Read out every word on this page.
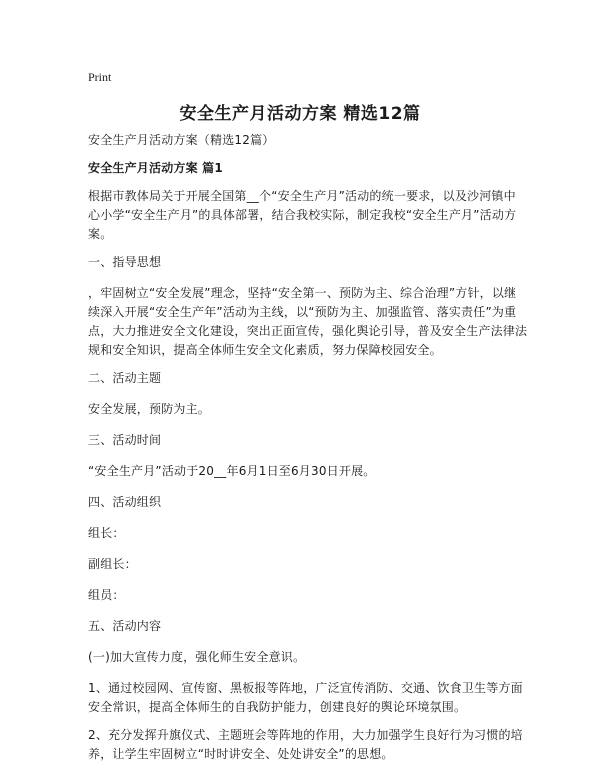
Print
安全生产月活动方案 精选12篇

安全生产月活动方案（精选12篇）

安全生产月活动方案 篇1

根据市教体局关于开展全国第__个“安全生产月”活动的统一要求，以及沙河镇中心小学“安全生产月”的具体部署，结合我校实际，制定我校“安全生产月”活动方案。

一、指导思想

，牢固树立“安全发展”理念，坚持“安全第一、预防为主、综合治理”方针，以继续深入开展“安全生产年”活动为主线，以“预防为主、加强监管、落实责任”为重点，大力推进安全文化建设，突出正面宣传，强化舆论引导，普及安全生产法律法规和安全知识，提高全体师生安全文化素质，努力保障校园安全。

二、活动主题

安全发展，预防为主。

三、活动时间

“安全生产月”活动于20__年6月1日至6月30日开展。

四、活动组织

组长：

副组长：

组员：

五、活动内容

(一)加大宣传力度，强化师生安全意识。

1、通过校园网、宣传窗、黑板报等阵地，广泛宣传消防、交通、饮食卫生等方面安全常识，提高全体师生的自我防护能力，创建良好的舆论环境氛围。

2、充分发挥升旗仪式、主题班会等阵地的作用，大力加强学生良好行为习惯的培养，让学生牢固树立“时时讲安全、处处讲安全”的思想。
